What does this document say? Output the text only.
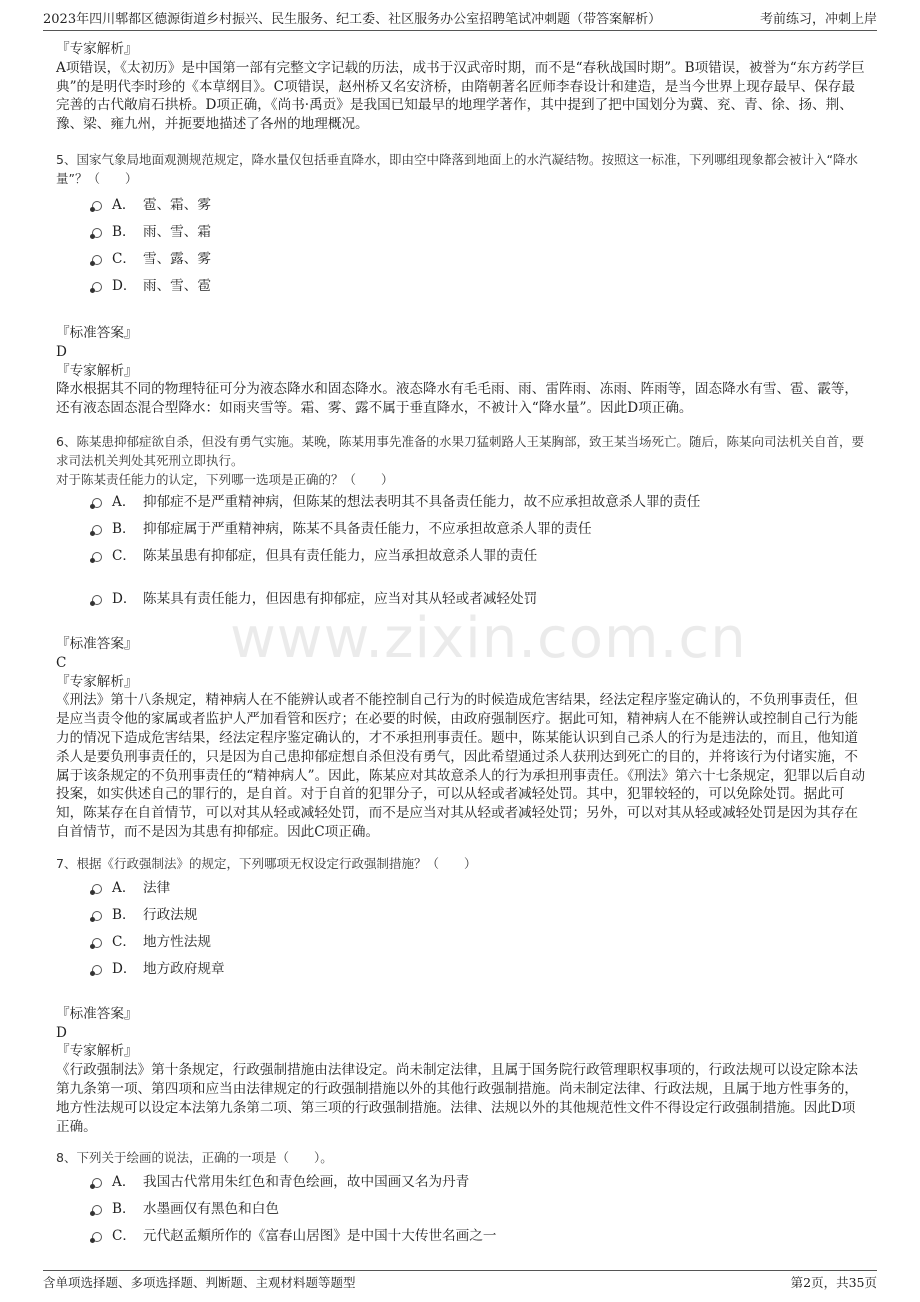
2023年四川郫都区德源街道乡村振兴、民生服务、纪工委、社区服务办公室招聘笔试冲刺题（带答案解析）	考前练习，冲刺上岸
www.zixin.com.cn

『专家解析』

A项错误，《太初历》是中国第一部有完整文字记载的历法，成书于汉武帝时期，而不是“春秋战国时期”。B项错误，被誉为“东方药学巨典”的是明代李时珍的《本草纲目》。C项错误，赵州桥又名安济桥，由隋朝著名匠师李春设计和建造，是当今世界上现存最早、保存最完善的古代敞肩石拱桥。D项正确，《尚书·禹贡》是我国已知最早的地理学著作，其中提到了把中国划分为冀、兖、青、徐、扬、荆、豫、梁、雍九州，并扼要地描述了各州的地理概况。

5、国家气象局地面观测规范规定，降水量仅包括垂直降水，即由空中降落到地面上的水汽凝结物。按照这一标准，下列哪组现象都会被计入“降水量”？（　　）

A． 雹、霜、雾
B． 雨、雪、霜
C． 雪、露、雾
D． 雨、雪、雹

『标准答案』

D

『专家解析』

降水根据其不同的物理特征可分为液态降水和固态降水。液态降水有毛毛雨、雨、雷阵雨、冻雨、阵雨等，固态降水有雪、雹、霰等，还有液态固态混合型降水：如雨夹雪等。霜、雾、露不属于垂直降水，不被计入“降水量”。因此D项正确。

6、陈某患抑郁症欲自杀，但没有勇气实施。某晚，陈某用事先准备的水果刀猛刺路人王某胸部，致王某当场死亡。随后，陈某向司法机关自首，要求司法机关判处其死刑立即执行。

对于陈某责任能力的认定，下列哪一选项是正确的？（　　）

A． 抑郁症不是严重精神病，但陈某的想法表明其不具备责任能力，故不应承担故意杀人罪的责任
B． 抑郁症属于严重精神病，陈某不具备责任能力，不应承担故意杀人罪的责任
C． 陈某虽患有抑郁症，但具有责任能力，应当承担故意杀人罪的责任
D． 陈某具有责任能力，但因患有抑郁症，应当对其从轻或者减轻处罚

『标准答案』

C

『专家解析』

《刑法》第十八条规定，精神病人在不能辨认或者不能控制自己行为的时候造成危害结果，经法定程序鉴定确认的，不负刑事责任，但是应当责令他的家属或者监护人严加看管和医疗；在必要的时候，由政府强制医疗。据此可知，精神病人在不能辨认或控制自己行为能力的情况下造成危害结果，经法定程序鉴定确认的，才不承担刑事责任。题中，陈某能认识到自己杀人的行为是违法的，而且，他知道杀人是要负刑事责任的，只是因为自己患抑郁症想自杀但没有勇气，因此希望通过杀人获刑达到死亡的目的，并将该行为付诸实施，不属于该条规定的不负刑事责任的“精神病人”。因此，陈某应对其故意杀人的行为承担刑事责任。《刑法》第六十七条规定，犯罪以后自动投案，如实供述自己的罪行的，是自首。对于自首的犯罪分子，可以从轻或者减轻处罚。其中，犯罪较轻的，可以免除处罚。据此可知，陈某存在自首情节，可以对其从轻或减轻处罚，而不是应当对其从轻或者减轻处罚；另外，可以对其从轻或减轻处罚是因为其存在自首情节，而不是因为其患有抑郁症。因此C项正确。

7、根据《行政强制法》的规定，下列哪项无权设定行政强制措施？（　　）

A． 法律
B． 行政法规
C． 地方性法规
D． 地方政府规章

『标准答案』

D

『专家解析』

《行政强制法》第十条规定，行政强制措施由法律设定。尚未制定法律，且属于国务院行政管理职权事项的，行政法规可以设定除本法第九条第一项、第四项和应当由法律规定的行政强制措施以外的其他行政强制措施。尚未制定法律、行政法规，且属于地方性事务的，地方性法规可以设定本法第九条第二项、第三项的行政强制措施。法律、法规以外的其他规范性文件不得设定行政强制措施。因此D项正确。

8、下列关于绘画的说法，正确的一项是（　　）。

A． 我国古代常用朱红色和青色绘画，故中国画又名为丹青
B． 水墨画仅有黑色和白色
C． 元代赵孟頫所作的《富春山居图》是中国十大传世名画之一
含单项选择题、多项选择题、判断题、主观材料题等题型	第2页，共35页
